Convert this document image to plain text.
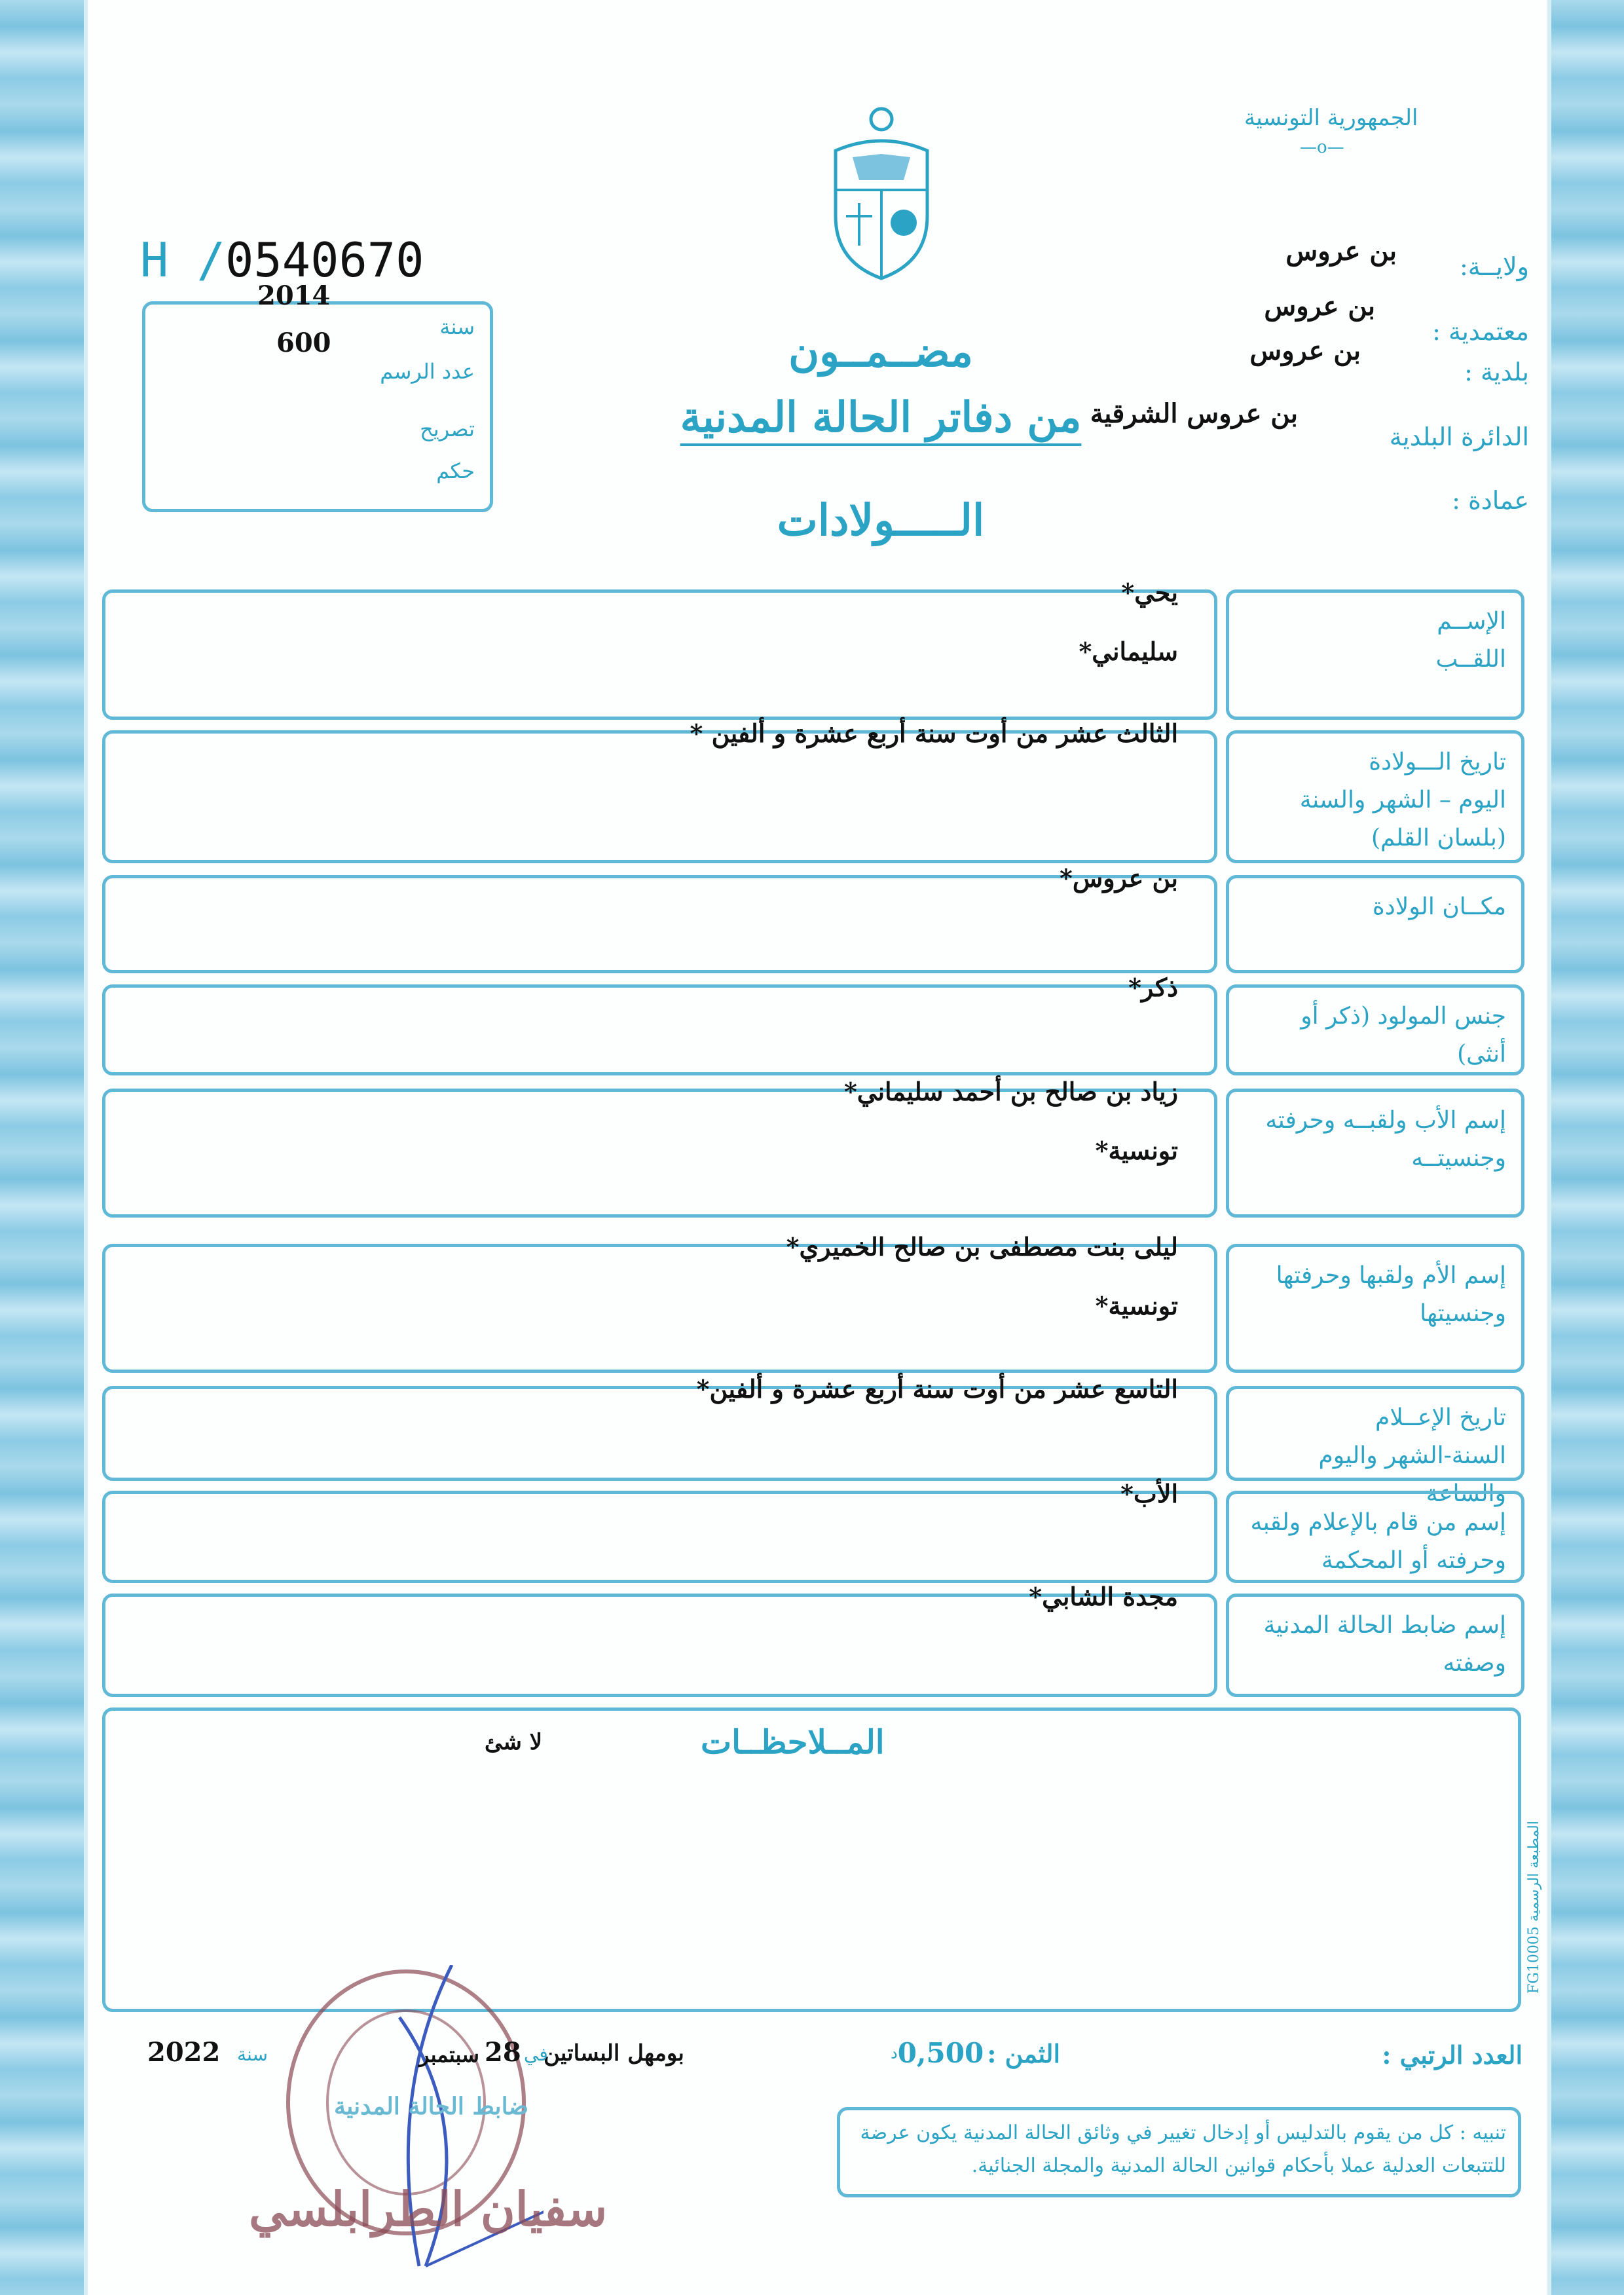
الجمهورية التونسية
—o—
H /0540670
2014
سنة
600
عدد الرسم
تصريح
حكم
ولايــة:
بن عروس
معتمدية :
بن عروس
بلدية :
بن عروس
الدائرة البلدية
بن عروس الشرقية
عمادة :
مضــمــون
من دفاتر الحالة المدنية
الـــــولادات
الإســم
اللقــب
يحي*
سليماني*
تاريخ الـــولادة
اليوم – الشهر والسنة
(بلسان القلم)
الثالث عشر من أوت سنة أربع عشرة و ألفين *
مكــان الولادة
بن عروس*
جنس المولود (ذكر أو أنثى)
ذكر*
إسم الأب ولقبــه وحرفته
وجنسيتــه
زياد بن صالح بن أحمد سليماني*
تونسية*
إسم الأم ولقبها وحرفتها
وجنسيتها
ليلى بنت مصطفى بن صالح الخميري*
تونسية*
تاريخ الإعــلام
السنة-الشهر واليوم والساعة
التاسع عشر من أوت سنة أربع عشرة و ألفين*
إسم من قام بالإعلام ولقبه
وحرفته أو المحكمة
الأب*
إسم ضابط الحالة المدنية
وصفته
مجدة الشابي*
المــلاحظــات
لا شئ
المطبعة الرسمية FG10005
ضابط الحالة المدنية
سفيان الطرابلسي
العدد الرتبي :
الثمن : $0,500^د$
بومهل البساتين
في
28
سبتمبر
سنة
2022
تنبيه : كل من يقوم بالتدليس أو إدخال تغيير في وثائق الحالة المدنية يكون عرضة للتتبعات العدلية عملا بأحكام قوانين الحالة المدنية والمجلة الجنائية.
